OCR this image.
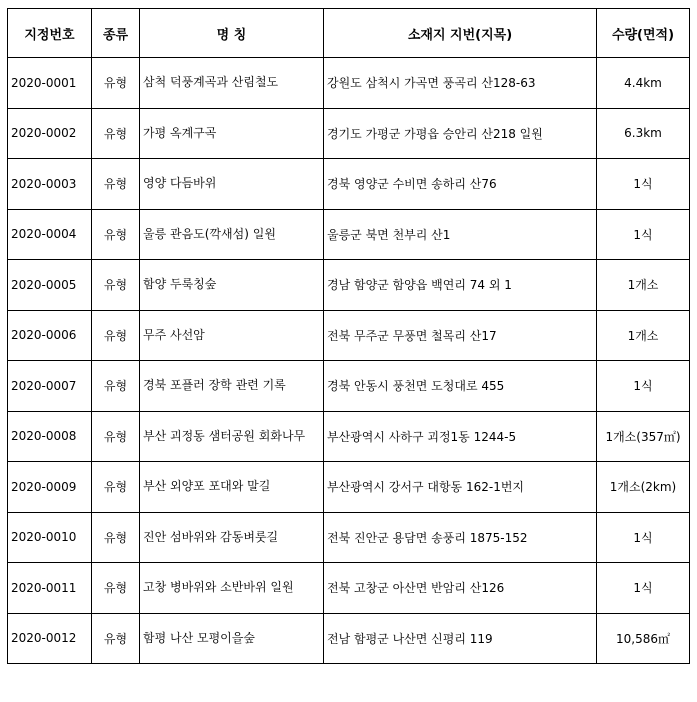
지정번호	종류	명 칭	소재지 지번(지목)	수량(면적)
2020-0001	유형	삼척 덕풍계곡과 산림철도	강원도 삼척시 가곡면 풍곡리 산128-63	4.4km
2020-0002	유형	가평 옥계구곡	경기도 가평군 가평읍 승안리 산218 일원	6.3km
2020-0003	유형	영양 다듬바위	경북 영양군 수비면 송하리 산76	1식
2020-0004	유형	울릉 관음도(깍새섬) 일원	울릉군 북면 천부리 산1	1식
2020-0005	유형	함양 두룩칭숲	경남 함양군 함양읍 백연리 74 외 1	1개소
2020-0006	유형	무주 사선암	전북 무주군 무풍면 철목리 산17	1개소
2020-0007	유형	경북 포플러 장학 관련 기록	경북 안동시 풍천면 도청대로 455	1식
2020-0008	유형	부산 괴정동 샘터공원 회화나무	부산광역시 사하구 괴정1동 1244-5	1개소(357㎡)
2020-0009	유형	부산 외양포 포대와 말길	부산광역시 강서구 대항동 162-1번지	1개소(2km)
2020-0010	유형	진안 섬바위와 감동벼룻길	전북 진안군 용담면 송풍리 1875-152	1식
2020-0011	유형	고창 병바위와 소반바위 일원	전북 고창군 아산면 반암리 산126	1식
2020-0012	유형	함평 나산 모평이을숲	전남 함평군 나산면 신평리 119	10,586㎡
